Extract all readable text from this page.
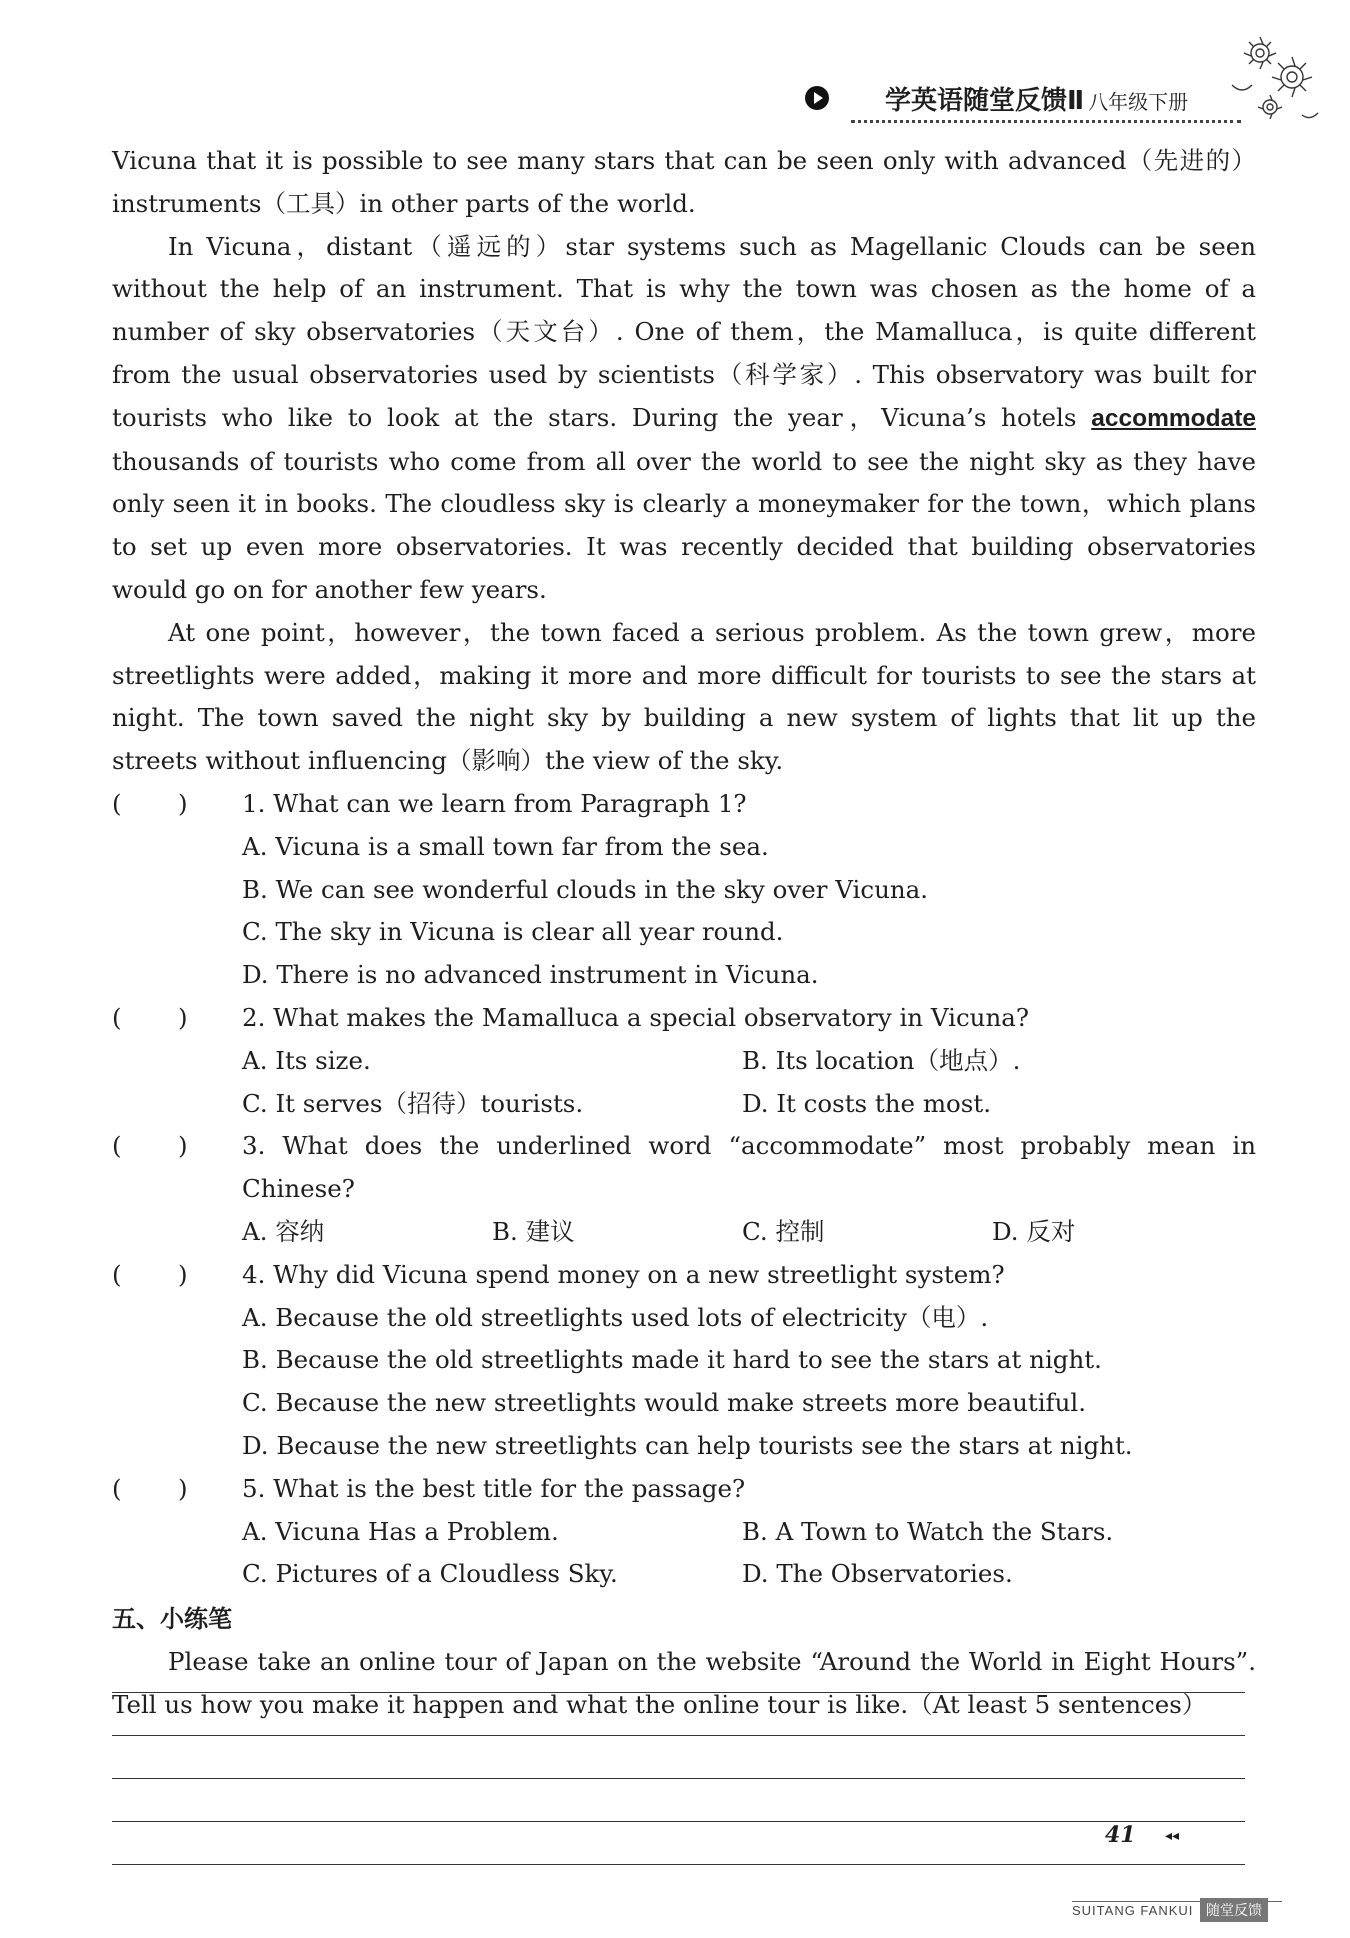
学英语随堂反馈Ⅱ 八年级下册

Vicuna that it is possible to see many stars that can be seen only with advanced（先进的）instruments（工具）in other parts of the world.

In Vicuna，distant（遥远的）star systems such as Magellanic Clouds can be seen without the help of an instrument. That is why the town was chosen as the home of a number of sky observatories（天文台）. One of them，the Mamalluca，is quite different from the usual observatories used by scientists（科学家）. This observatory was built for tourists who like to look at the stars. During the year，Vicuna’s hotels accommodate thousands of tourists who come from all over the world to see the night sky as they have only seen it in books. The cloudless sky is clearly a moneymaker for the town，which plans to set up even more observatories. It was recently decided that building observatories would go on for another few years.

At one point，however，the town faced a serious problem. As the town grew，more streetlights were added，making it more and more difficult for tourists to see the stars at night. The town saved the night sky by building a new system of lights that lit up the streets without influencing（影响）the view of the sky.

( ) 1. What can we learn from Paragraph 1?

A. Vicuna is a small town far from the sea.
B. We can see wonderful clouds in the sky over Vicuna.
C. The sky in Vicuna is clear all year round.
D. There is no advanced instrument in Vicuna.

( ) 2. What makes the Mamalluca a special observatory in Vicuna?

A. Its size.	B. Its location（地点）.
C. It serves（招待）tourists.	D. It costs the most.

( ) 3. What does the underlined word “accommodate” most probably mean in Chinese?

A. 容纳	B. 建议	C. 控制	D. 反对

( ) 4. Why did Vicuna spend money on a new streetlight system?

A. Because the old streetlights used lots of electricity（电）.
B. Because the old streetlights made it hard to see the stars at night.
C. Because the new streetlights would make streets more beautiful.
D. Because the new streetlights can help tourists see the stars at night.

( ) 5. What is the best title for the passage?

A. Vicuna Has a Problem.	B. A Town to Watch the Stars.
C. Pictures of a Cloudless Sky.	D. The Observatories.
五、小练笔

Please take an online tour of Japan on the website “Around the World in Eight Hours”. Tell us how you make it happen and what the online tour is like.（At least 5 sentences）

41 ◂◂
SUITANG FANKUI 随堂反馈
